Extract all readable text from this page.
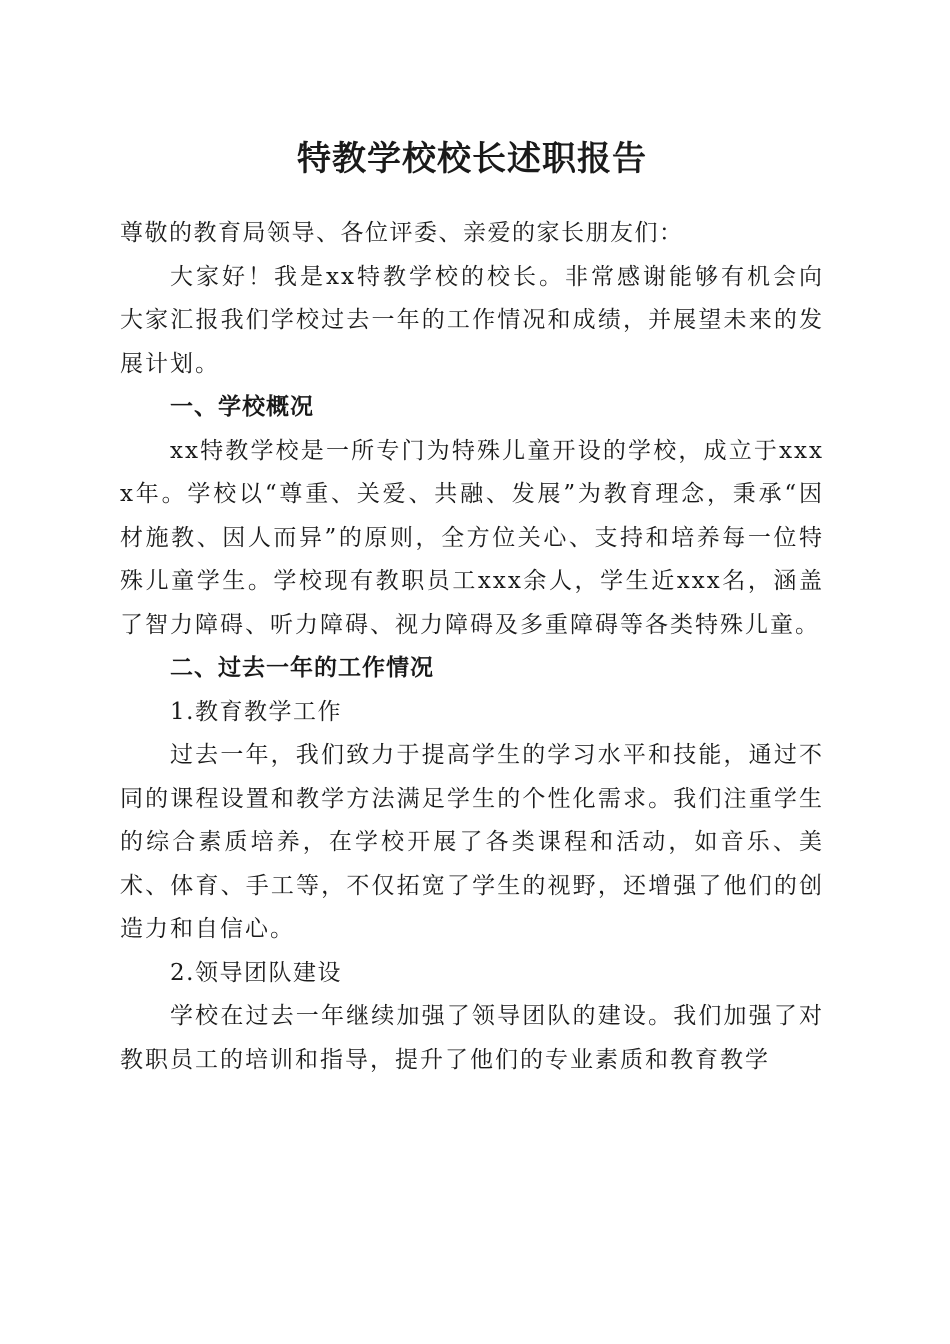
特教学校校长述职报告

尊敬的教育局领导、各位评委、亲爱的家长朋友们：

大家好！我是xx特教学校的校长。非常感谢能够有机会向大家汇报我们学校过去一年的工作情况和成绩，并展望未来的发展计划。

一、学校概况

xx特教学校是一所专门为特殊儿童开设的学校，成立于xxxx年。学校以“尊重、关爱、共融、发展”为教育理念，秉承“因材施教、因人而异”的原则，全方位关心、支持和培养每一位特殊儿童学生。学校现有教职员工xxx余人，学生近xxx名，涵盖了智力障碍、听力障碍、视力障碍及多重障碍等各类特殊儿童。

二、过去一年的工作情况

1.教育教学工作

过去一年，我们致力于提高学生的学习水平和技能，通过不同的课程设置和教学方法满足学生的个性化需求。我们注重学生的综合素质培养，在学校开展了各类课程和活动，如音乐、美术、体育、手工等，不仅拓宽了学生的视野，还增强了他们的创造力和自信心。

2.领导团队建设

学校在过去一年继续加强了领导团队的建设。我们加强了对教职员工的培训和指导，提升了他们的专业素质和教育教学
